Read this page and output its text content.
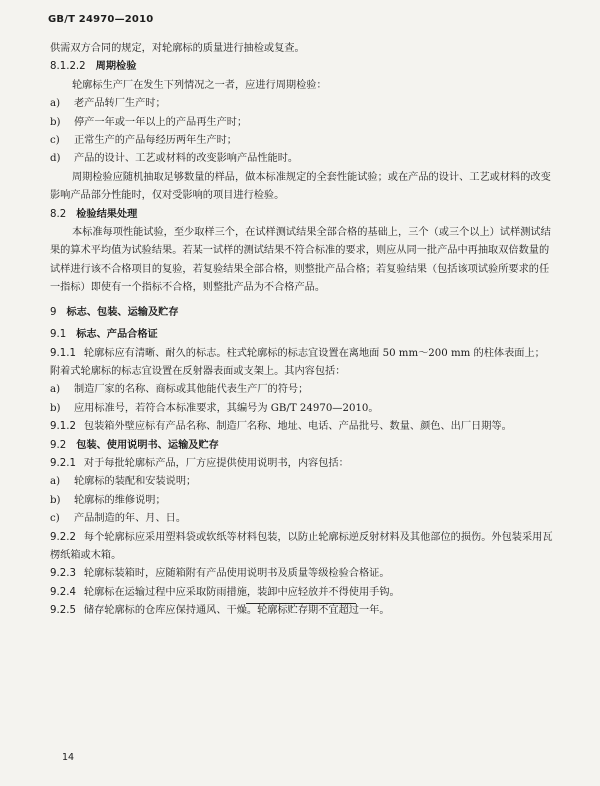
GB/T 24970—2010

供需双方合同的规定，对轮廓标的质量进行抽检或复查。

8.1.2.2 周期检验

轮廓标生产厂在发生下列情况之一者，应进行周期检验：

a) 老产品转厂生产时；
b) 停产一年或一年以上的产品再生产时；
c) 正常生产的产品每经历两年生产时；
d) 产品的设计、工艺或材料的改变影响产品性能时。

周期检验应随机抽取足够数量的样品，做本标准规定的全套性能试验；或在产品的设计、工艺或材料的改变影响产品部分性能时，仅对受影响的项目进行检验。

8.2 检验结果处理

本标准每项性能试验，至少取样三个，在试样测试结果全部合格的基础上，三个（或三个以上）试样测试结果的算术平均值为试验结果。若某一试样的测试结果不符合标准的要求，则应从同一批产品中再抽取双倍数量的试样进行该不合格项目的复验，若复验结果全部合格，则整批产品合格；若复验结果（包括该项试验所要求的任一指标）即使有一个指标不合格，则整批产品为不合格产品。

9 标志、包装、运输及贮存
9.1 标志、产品合格证

9.1.1 轮廓标应有清晰、耐久的标志。柱式轮廓标的标志宜设置在离地面 50 mm～200 mm 的柱体表面上；附着式轮廓标的标志宜设置在反射器表面或支架上。其内容包括：

a) 制造厂家的名称、商标或其他能代表生产厂的符号；
b) 应用标准号，若符合本标准要求，其编号为 GB/T 24970—2010。

9.1.2 包装箱外壁应标有产品名称、制造厂名称、地址、电话、产品批号、数量、颜色、出厂日期等。

9.2 包装、使用说明书、运输及贮存

9.2.1 对于每批轮廓标产品，厂方应提供使用说明书，内容包括：

a) 轮廓标的装配和安装说明；
b) 轮廓标的维修说明；
c) 产品制造的年、月、日。

9.2.2 每个轮廓标应采用塑料袋或软纸等材料包装，以防止轮廓标逆反射材料及其他部位的损伤。外包装采用瓦楞纸箱或木箱。

9.2.3 轮廓标装箱时，应随箱附有产品使用说明书及质量等级检验合格证。

9.2.4 轮廓标在运输过程中应采取防雨措施，装卸中应轻放并不得使用手钩。

9.2.5 储存轮廓标的仓库应保持通风、干燥。轮廓标贮存期不宜超过一年。

14
